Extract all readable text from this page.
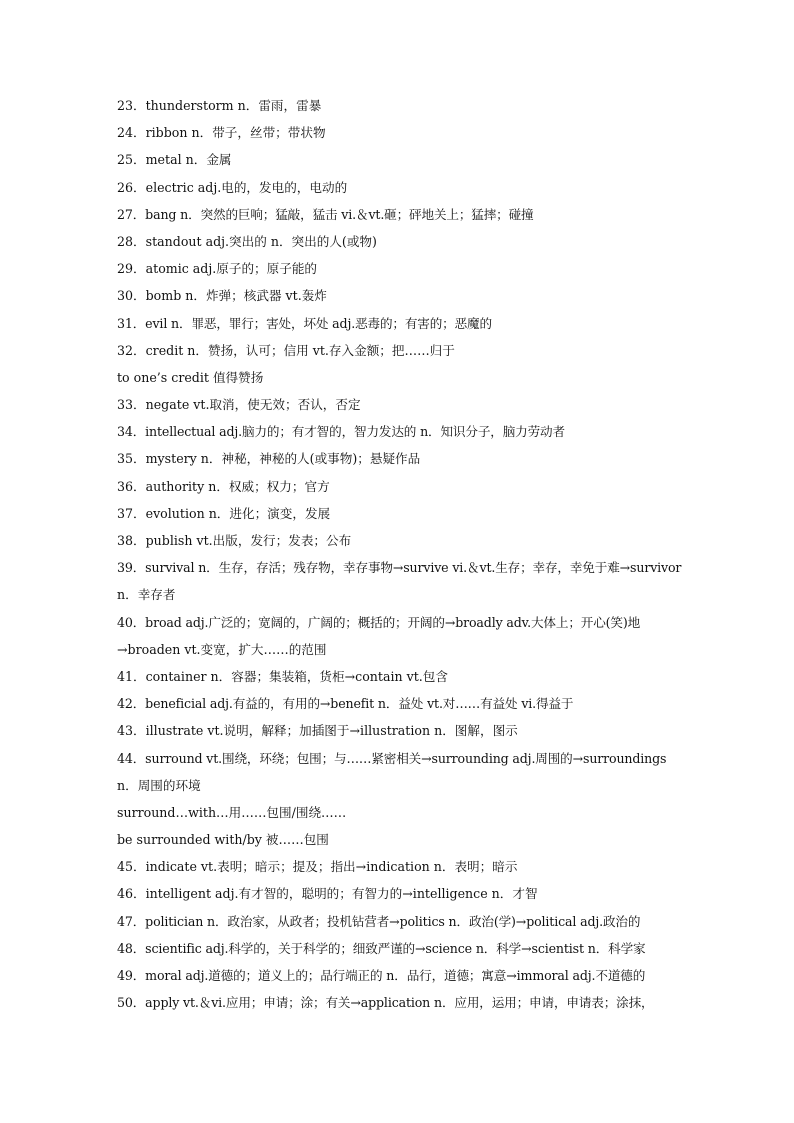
23．thunderstorm n．雷雨，雷暴
24．ribbon n．带子，丝带；带状物
25．metal n．金属
26．electric adj.电的，发电的，电动的
27．bang n．突然的巨响；猛敲，猛击 vi.＆vt.砸；砰地关上；猛摔；碰撞
28．standout adj.突出的 n．突出的人(或物)
29．atomic adj.原子的；原子能的
30．bomb n．炸弹；核武器 vt.轰炸
31．evil n．罪恶，罪行；害处，坏处 adj.恶毒的；有害的；恶魔的
32．credit n．赞扬，认可；信用 vt.存入金额；把……归于
to one’s credit 值得赞扬
33．negate vt.取消，使无效；否认，否定
34．intellectual adj.脑力的；有才智的，智力发达的 n．知识分子，脑力劳动者
35．mystery n．神秘，神秘的人(或事物)；悬疑作品
36．authority n．权威；权力；官方
37．evolution n．进化；演变，发展
38．publish vt.出版，发行；发表；公布
39．survival n．生存，存活；残存物，幸存事物→survive vi.＆vt.生存；幸存，幸免于难→survivor
n．幸存者
40．broad adj.广泛的；宽阔的，广阔的；概括的；开阔的→broadly adv.大体上；开心(笑)地
→broaden vt.变宽，扩大……的范围
41．container n．容器；集装箱，货柜→contain vt.包含
42．beneficial adj.有益的，有用的→benefit n．益处 vt.对……有益处 vi.得益于
43．illustrate vt.说明，解释；加插图于→illustration n．图解，图示
44．surround vt.围绕，环绕；包围；与……紧密相关→surrounding adj.周围的→surroundings
n．周围的环境
surround…with…用……包围/围绕……
be surrounded with/by 被……包围
45．indicate vt.表明；暗示；提及；指出→indication n．表明；暗示
46．intelligent adj.有才智的，聪明的；有智力的→intelligence n．才智
47．politician n．政治家，从政者；投机钻营者→politics n．政治(学)→political adj.政治的
48．scientific adj.科学的，关于科学的；细致严谨的→science n．科学→scientist n．科学家
49．moral adj.道德的；道义上的；品行端正的 n．品行，道德；寓意→immoral adj.不道德的
50．apply vt.＆vi.应用；申请；涂；有关→application n．应用，运用；申请，申请表；涂抹，
